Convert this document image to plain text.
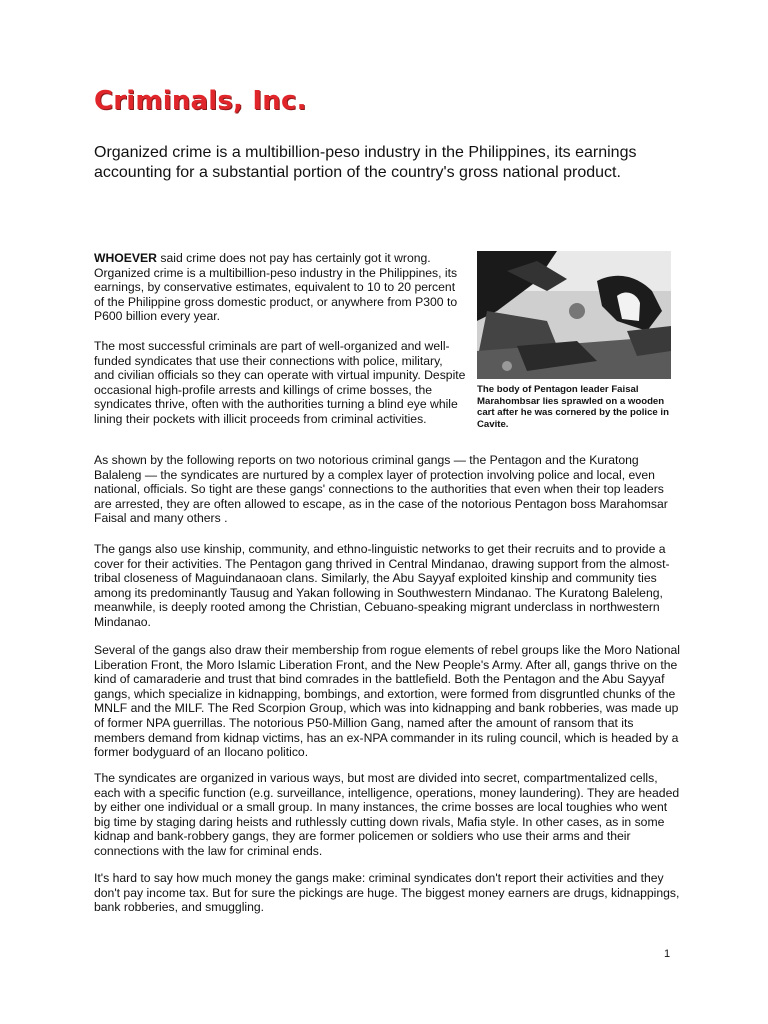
Criminals, Inc.
Organized crime is a multibillion-peso industry in the Philippines, its earnings accounting for a substantial portion of the country's gross national product.

WHOEVER said crime does not pay has certainly got it wrong. Organized crime is a multibillion-peso industry in the Philippines, its earnings, by conservative estimates, equivalent to 10 to 20 percent of the Philippine gross domestic product, or anywhere from P300 to P600 billion every year.

The most successful criminals are part of well-organized and well-funded syndicates that use their connections with police, military, and civilian officials so they can operate with virtual impunity. Despite occasional high-profile arrests and killings of crime bosses, the syndicates thrive, often with the authorities turning a blind eye while lining their pockets with illicit proceeds from criminal activities.

The body of Pentagon leader Faisal Marahombsar lies sprawled on a wooden cart after he was cornered by the police in Cavite.

As shown by the following reports on two notorious criminal gangs — the Pentagon and the Kuratong Balaleng — the syndicates are nurtured by a complex layer of protection involving police and local, even national, officials. So tight are these gangs' connections to the authorities that even when their top leaders are arrested, they are often allowed to escape, as in the case of the notorious Pentagon boss Marahomsar Faisal and many others .

The gangs also use kinship, community, and ethno-linguistic networks to get their recruits and to provide a cover for their activities. The Pentagon gang thrived in Central Mindanao, drawing support from the almost-tribal closeness of Maguindanaoan clans. Similarly, the Abu Sayyaf exploited kinship and community ties among its predominantly Tausug and Yakan following in Southwestern Mindanao. The Kuratong Baleleng, meanwhile, is deeply rooted among the Christian, Cebuano-speaking migrant underclass in northwestern Mindanao.

Several of the gangs also draw their membership from rogue elements of rebel groups like the Moro National Liberation Front, the Moro Islamic Liberation Front, and the New People's Army. After all, gangs thrive on the kind of camaraderie and trust that bind comrades in the battlefield. Both the Pentagon and the Abu Sayyaf gangs, which specialize in kidnapping, bombings, and extortion, were formed from disgruntled chunks of the MNLF and the MILF. The Red Scorpion Group, which was into kidnapping and bank robberies, was made up of former NPA guerrillas. The notorious P50-Million Gang, named after the amount of ransom that its members demand from kidnap victims, has an ex-NPA commander in its ruling council, which is headed by a former bodyguard of an Ilocano politico.

The syndicates are organized in various ways, but most are divided into secret, compartmentalized cells, each with a specific function (e.g. surveillance, intelligence, operations, money laundering). They are headed by either one individual or a small group. In many instances, the crime bosses are local toughies who went big time by staging daring heists and ruthlessly cutting down rivals, Mafia style. In other cases, as in some kidnap and bank-robbery gangs, they are former policemen or soldiers who use their arms and their connections with the law for criminal ends.

It's hard to say how much money the gangs make: criminal syndicates don't report their activities and they don't pay income tax. But for sure the pickings are huge. The biggest money earners are drugs, kidnappings, bank robberies, and smuggling.

1
